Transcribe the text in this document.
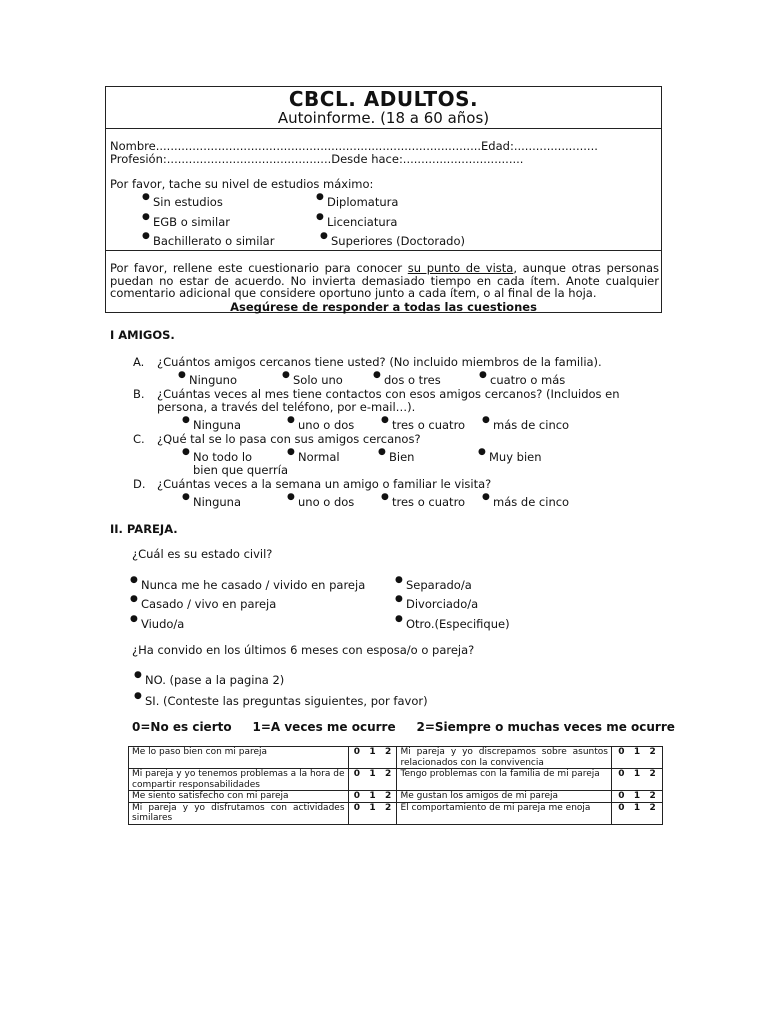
CBCL. ADULTOS.
Autoinforme. (18 a 60 años)
Nombre.........................................................................................Edad:.......................
Profesión:.............................................Desde hace:.................................
Por favor, tache su nivel de estudios máximo:
● Sin estudios	● Diplomatura
● EGB o similar	● Licenciatura
● Bachillerato o similar	● Superiores (Doctorado)
Por favor, rellene este cuestionario para conocer su punto de vista, aunque otras personas puedan no estar de acuerdo. No invierta demasiado tiempo en cada ítem. Anote cualquier comentario adicional que considere oportuno junto a cada ítem, o al final de la hoja.
Asegúrese de responder a todas las cuestiones
I AMIGOS.
A. ¿Cuántos amigos cercanos tiene usted? (No incluido miembros de la familia).
● Ninguno	● Solo uno	● dos o tres	● cuatro o más
B. ¿Cuántas veces al mes tiene contactos con esos amigos cercanos? (Incluidos en
persona, a través del teléfono, por e-mail…).
● Ninguna	● uno o dos	● tres o cuatro ● más de cinco
C. ¿Qué tal se lo pasa con sus amigos cercanos?
● No todo lo
bien que querría
● Normal	● Bien	● Muy bien
D. ¿Cuántas veces a la semana un amigo o familiar le visita?
● Ninguna	● uno o dos	● tres o cuatro ● más de cinco
II. PAREJA.
¿Cuál es su estado civil?
● Nunca me he casado / vivido en pareja	● Separado/a
● Casado / vivo en pareja	● Divorciado/a
● Viudo/a	● Otro.(Especifique)
¿Ha convido en los últimos 6 meses con esposa/o o pareja?
● NO. (pase a la pagina 2)
● SI. (Conteste las preguntas siguientes, por favor)
0=No es cierto 1=A veces me ocurre 2=Siempre o muchas veces me ocurre
Me lo paso bien con mi pareja	0   1   2	Mi pareja y yo discrepamos sobre asuntos relacionados con la convivencia	0   1   2
Mi pareja y yo tenemos problemas a la hora de compartir responsabilidades	0   1   2	Tengo problemas con la familia de mi pareja	0   1   2
Me siento satisfecho con mi pareja	0   1   2	Me gustan los amigos de mi pareja	0   1   2
Mi pareja y yo disfrutamos con actividades similares	0   1   2	El comportamiento de mi pareja me enoja	0   1   2
